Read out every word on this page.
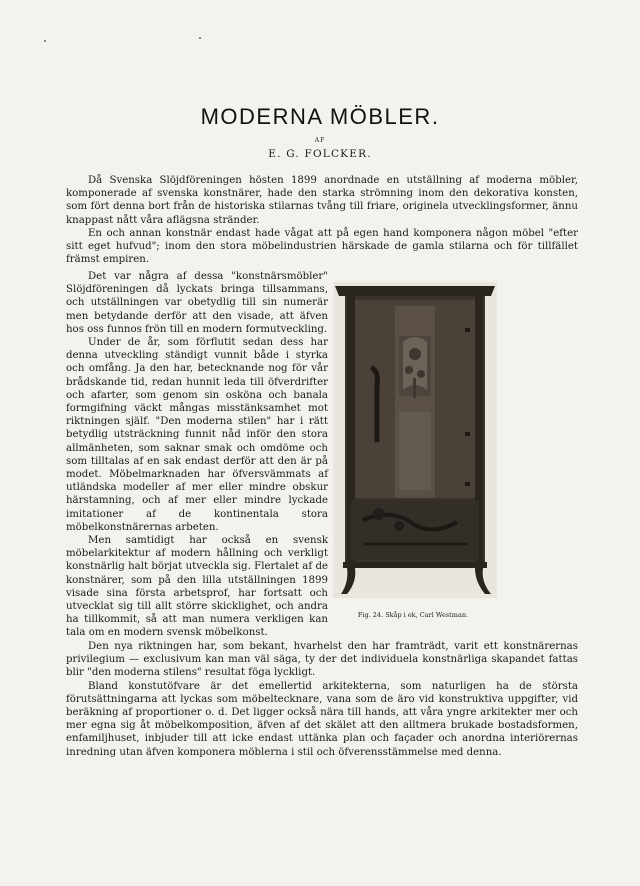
MODERNA MÖBLER.
AF
E. G. FOLCKER.

Då Svenska Slöjdföreningen hösten 1899 anordnade en utställning af moderna möbler, komponerade af svenska konstnärer, hade den starka strömning inom den dekorativa konsten, som fört denna bort från de historiska stilarnas tvång till friare, originela utvecklingsformer, ännu knappast nått våra aflägsna stränder.

En och annan konstnär endast hade vågat att på egen hand komponera någon möbel "efter sitt eget hufvud"; inom den stora möbelindustrien härskade de gamla stilarna och för tillfället främst empiren.

Det var några af dessa "konstnärsmöbler" Slöjdföreningen då lyckats bringa tillsammans, och utställningen var obetydlig till sin numerär men betydande derför att den visade, att äfven hos oss funnos frön till en modern formutveckling.

Under de år, som förflutit sedan dess har denna utveckling ständigt vunnit både i styrka och omfång. Ja den har, betecknande nog för vår brådskande tid, redan hunnit leda till öfverdrifter och afarter, som genom sin osköna och banala formgifning väckt mångas misstänksamhet mot riktningen själf. "Den moderna stilen" har i rätt betydlig utsträckning funnit nåd inför den stora allmänheten, som saknar smak och omdöme och som tilltalas af en sak endast derför att den är på modet. Möbelmarknaden har öfversvämmats af utländska modeller af mer eller mindre obskur härstamning, och af mer eller mindre lyckade imitationer af de kontinentala stora möbelkonstnärernas arbeten.

Men samtidigt har också en svensk möbelarkitektur af modern hållning och verkligt konstnärlig halt börjat utveckla sig. Flertalet af de konstnärer, som på den lilla utställningen 1899 visade sina första arbetsprof, har fortsatt och utvecklat sig till allt större skicklighet, och andra ha tillkommit, så att man numera verkligen kan tala om en modern svensk möbelkonst.

Fig. 24. Skåp i ek, Carl Westman.

Den nya riktningen har, som bekant, hvarhelst den har framträdt, varit ett konstnärernas privilegium — exclusivum kan man väl säga, ty der det individuela konstnärliga skapandet fattas blir "den moderna stilens" resultat föga lyckligt.

Bland konstutöfvare är det emellertid arkitekterna, som naturligen ha de största förutsättningarna att lyckas som möbeltecknare, vana som de äro vid konstruktiva uppgifter, vid beräkning af proportioner o. d. Det ligger också nära till hands, att våra yngre arkitekter mer och mer egna sig åt möbelkomposition, äfven af det skälet att den alltmera brukade bostadsformen, enfamiljhuset, inbjuder till att icke endast uttänka plan och façader och anordna interiörernas inredning utan äfven komponera möblerna i stil och öfverensstämmelse med denna.
